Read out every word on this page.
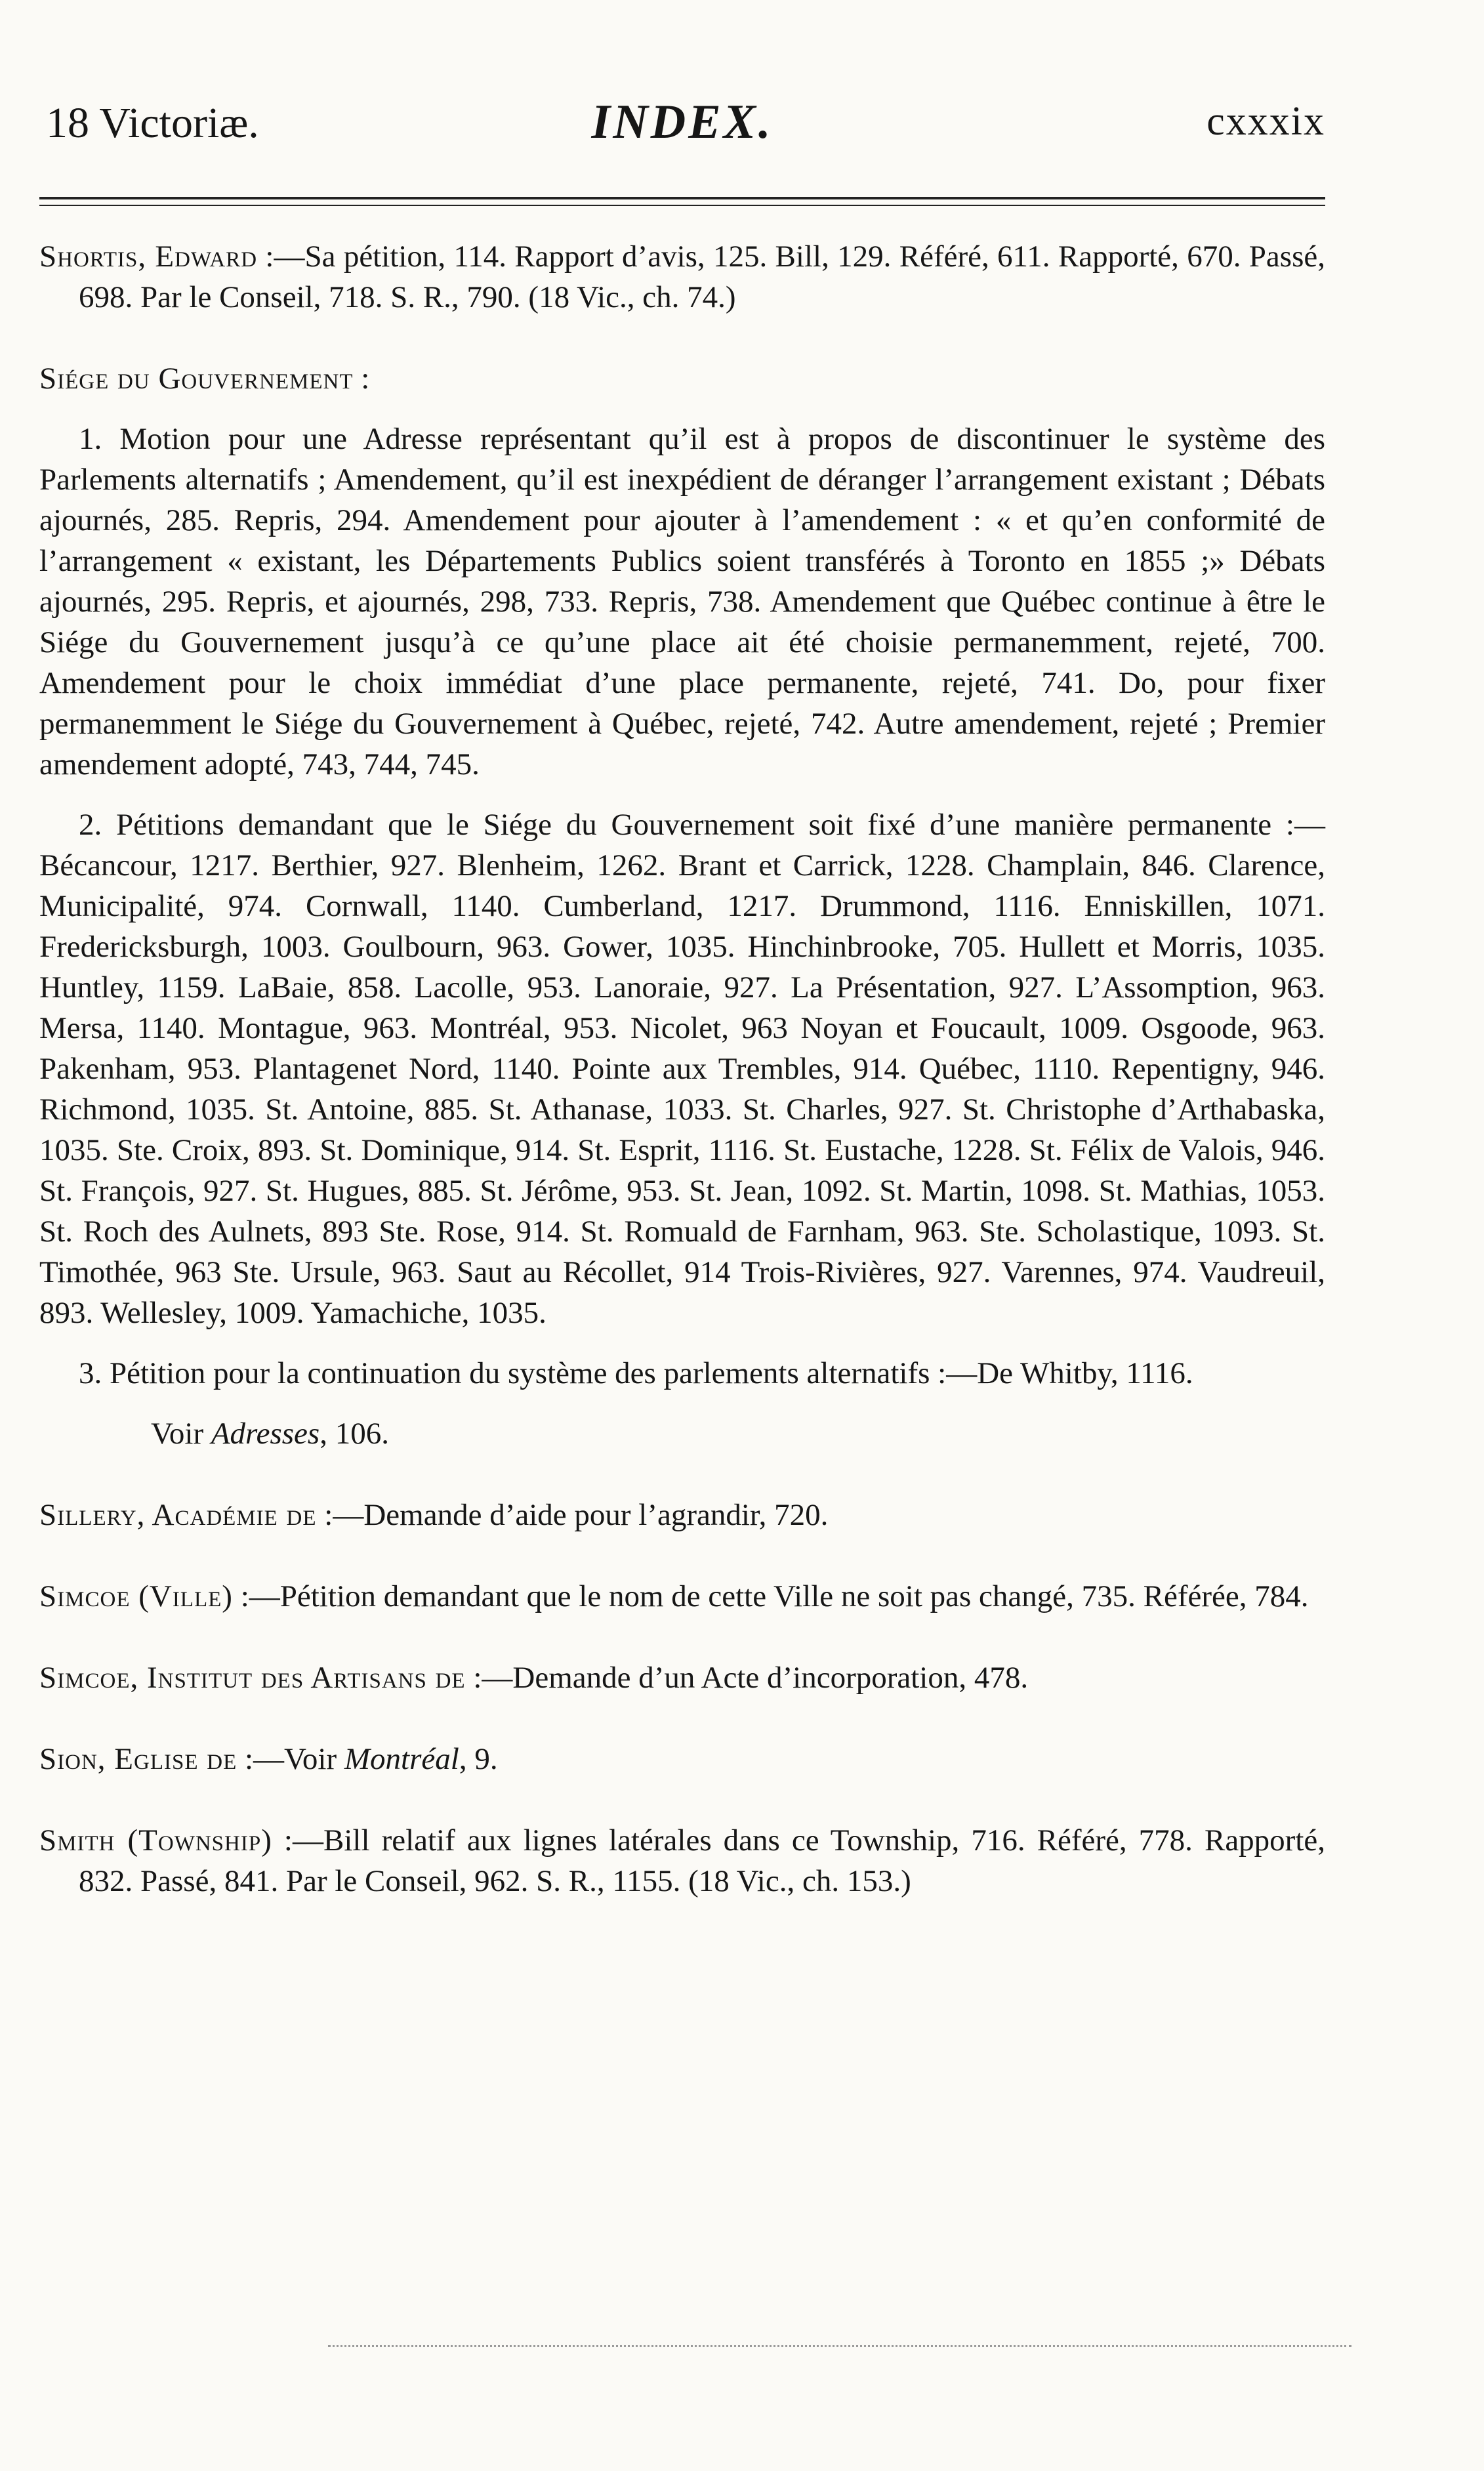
18 Victoriæ.	INDEX.	cxxxix

Shortis, Edward :—Sa pétition, 114. Rapport d’avis, 125. Bill, 129. Référé, 611. Rapporté, 670. Passé, 698. Par le Conseil, 718. S. R., 790. (18 Vic., ch. 74.)

Siége du Gouvernement :

1. Motion pour une Adresse représentant qu’il est à propos de discontinuer le système des Parlements alternatifs ; Amendement, qu’il est inexpédient de déranger l’arrangement existant ; Débats ajournés, 285. Repris, 294. Amendement pour ajouter à l’amendement : « et qu’en conformité de l’arrangement « existant, les Départements Publics soient transférés à Toronto en 1855 ;» Débats ajournés, 295. Repris, et ajournés, 298, 733. Repris, 738. Amendement que Québec continue à être le Siége du Gouvernement jusqu’à ce qu’une place ait été choisie permanemment, rejeté, 700. Amendement pour le choix immédiat d’une place permanente, rejeté, 741. Do, pour fixer permanemment le Siége du Gouvernement à Québec, rejeté, 742. Autre amendement, rejeté ; Premier amendement adopté, 743, 744, 745.

2. Pétitions demandant que le Siége du Gouvernement soit fixé d’une manière permanente :—Bécancour, 1217. Berthier, 927. Blenheim, 1262. Brant et Carrick, 1228. Champlain, 846. Clarence, Municipalité, 974. Cornwall, 1140. Cumberland, 1217. Drummond, 1116. Enniskillen, 1071. Fredericksburgh, 1003. Goulbourn, 963. Gower, 1035. Hinchinbrooke, 705. Hullett et Morris, 1035. Huntley, 1159. LaBaie, 858. Lacolle, 953. Lanoraie, 927. La Présentation, 927. L’Assomption, 963. Mersa, 1140. Montague, 963. Montréal, 953. Nicolet, 963 Noyan et Foucault, 1009. Osgoode, 963. Pakenham, 953. Plantagenet Nord, 1140. Pointe aux Trembles, 914. Québec, 1110. Repentigny, 946. Richmond, 1035. St. Antoine, 885. St. Athanase, 1033. St. Charles, 927. St. Christophe d’Arthabaska, 1035. Ste. Croix, 893. St. Dominique, 914. St. Esprit, 1116. St. Eustache, 1228. St. Félix de Valois, 946. St. François, 927. St. Hugues, 885. St. Jérôme, 953. St. Jean, 1092. St. Martin, 1098. St. Mathias, 1053. St. Roch des Aulnets, 893 Ste. Rose, 914. St. Romuald de Farnham, 963. Ste. Scholastique, 1093. St. Timothée, 963 Ste. Ursule, 963. Saut au Récollet, 914 Trois-Rivières, 927. Varennes, 974. Vaudreuil, 893. Wellesley, 1009. Yamachiche, 1035.

3. Pétition pour la continuation du système des parlements alternatifs :—De Whitby, 1116.

Voir Adresses, 106.

Sillery, Académie de :—Demande d’aide pour l’agrandir, 720.

Simcoe (Ville) :—Pétition demandant que le nom de cette Ville ne soit pas changé, 735. Référée, 784.

Simcoe, Institut des Artisans de :—Demande d’un Acte d’incorporation, 478.

Sion, Eglise de :—Voir Montréal, 9.

Smith (Township) :—Bill relatif aux lignes latérales dans ce Township, 716. Référé, 778. Rapporté, 832. Passé, 841. Par le Conseil, 962. S. R., 1155. (18 Vic., ch. 153.)
